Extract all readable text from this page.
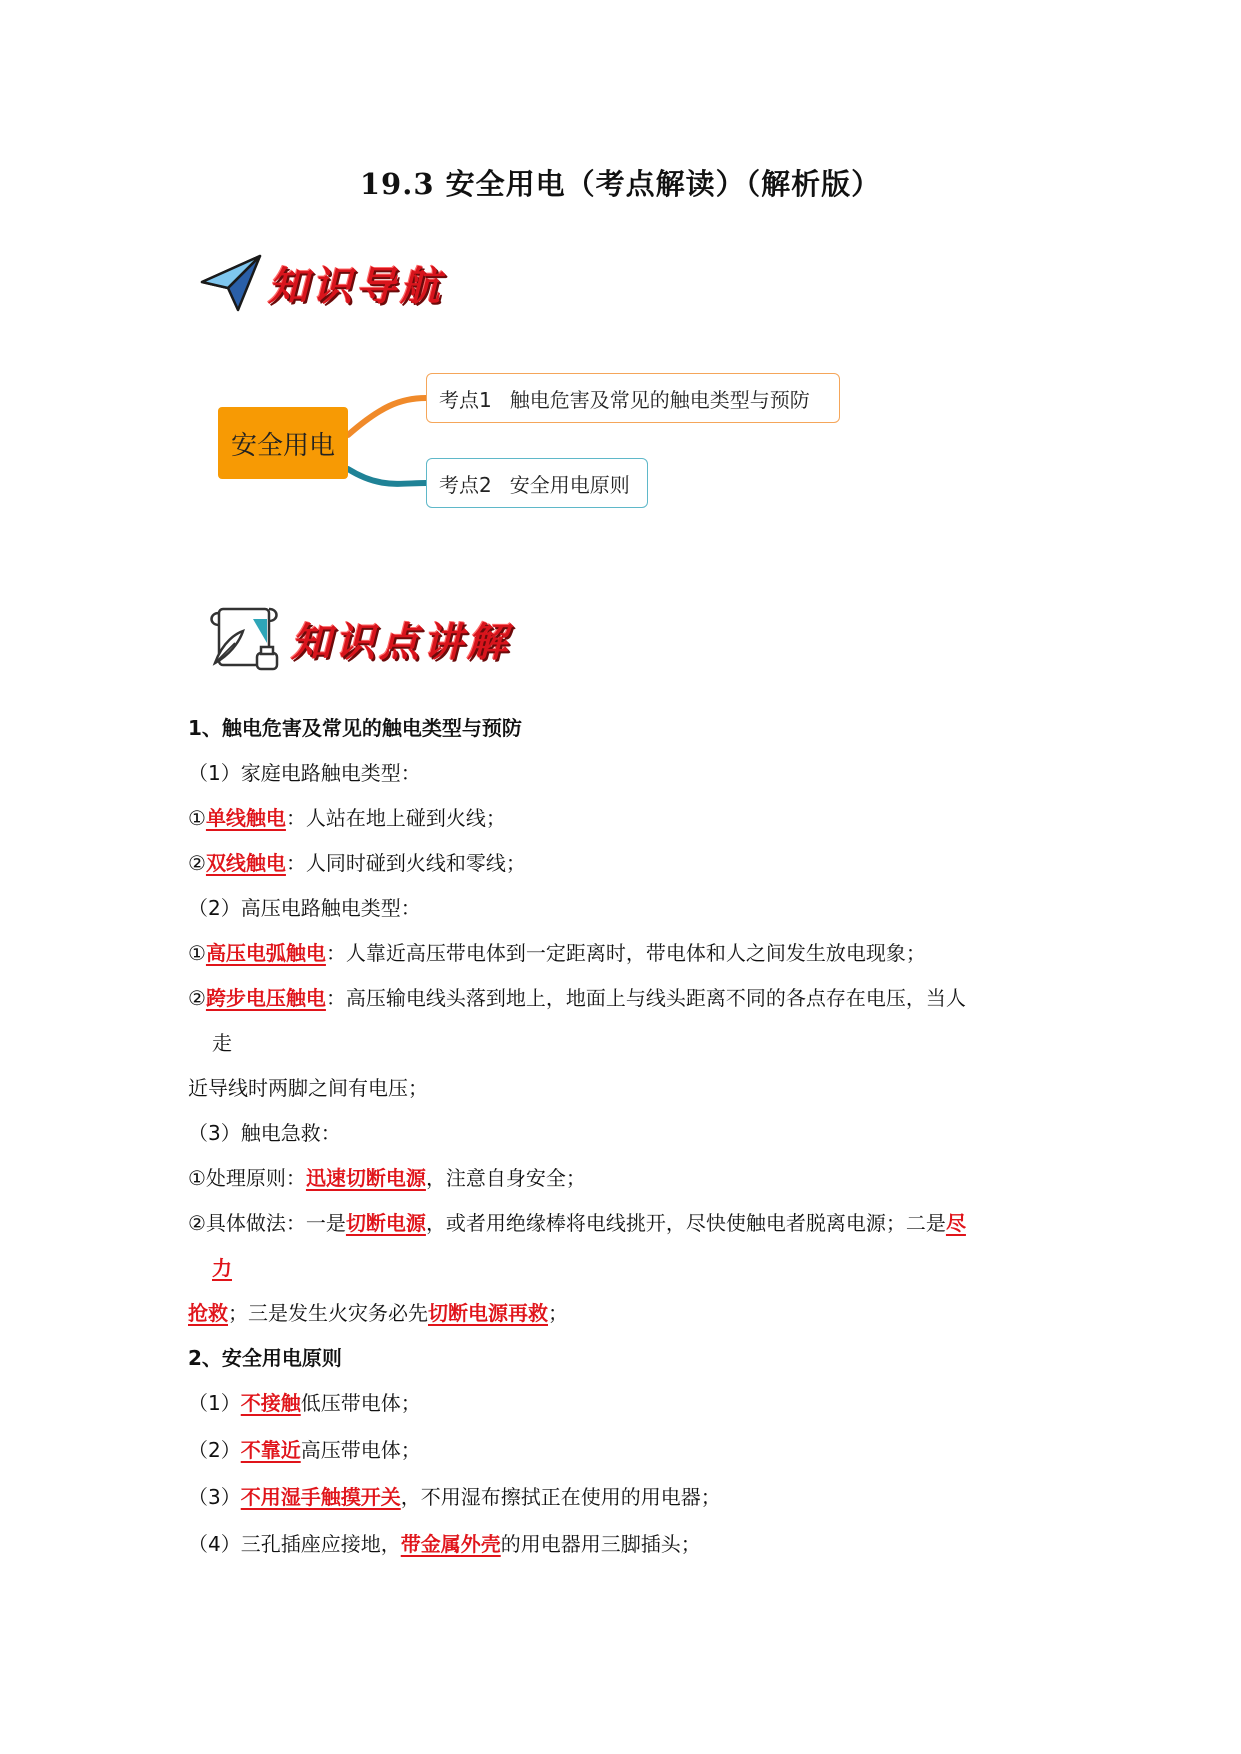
19.3 安全用电（考点解读）（解析版）
知识导航
安全用电
考点1 触电危害及常见的触电类型与预防
考点2 安全用电原则
知识点讲解
1、触电危害及常见的触电类型与预防
（1）家庭电路触电类型：
①单线触电：人站在地上碰到火线；
②双线触电：人同时碰到火线和零线；
（2）高压电路触电类型：
①高压电弧触电：人靠近高压带电体到一定距离时，带电体和人之间发生放电现象；
②跨步电压触电：高压输电线头落到地上，地面上与线头距离不同的各点存在电压，当人
走
近导线时两脚之间有电压；
（3）触电急救：
①处理原则：迅速切断电源，注意自身安全；
②具体做法：一是切断电源，或者用绝缘棒将电线挑开，尽快使触电者脱离电源；二是尽
力
抢救；三是发生火灾务必先切断电源再救；
2、安全用电原则
（1）不接触低压带电体；
（2）不靠近高压带电体；
（3）不用湿手触摸开关，不用湿布擦拭正在使用的用电器；
（4）三孔插座应接地，带金属外壳的用电器用三脚插头；
